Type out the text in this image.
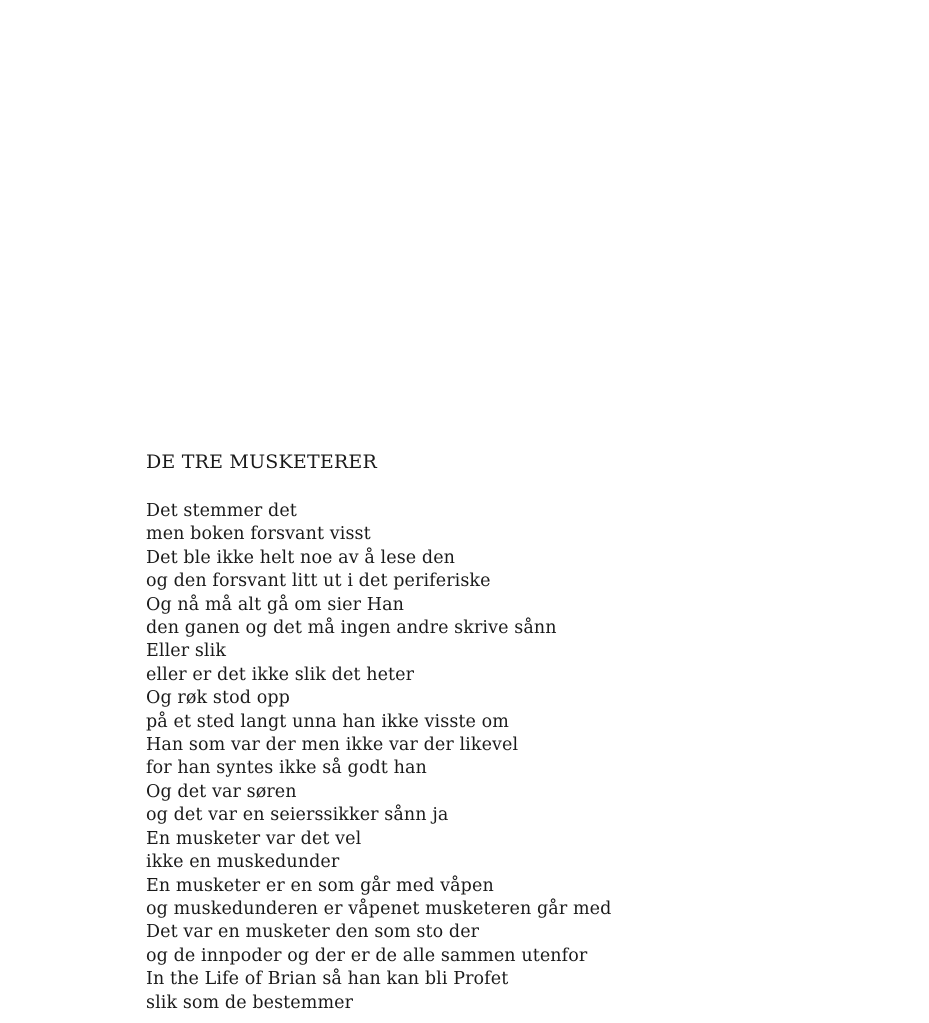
DE TRE MUSKETERER
Det stemmer det
men boken forsvant visst
Det ble ikke helt noe av å lese den
og den forsvant litt ut i det periferiske
Og nå må alt gå om sier Han
den ganen og det må ingen andre skrive sånn
Eller slik
eller er det ikke slik det heter
Og røk stod opp
på et sted langt unna han ikke visste om
Han som var der men ikke var der likevel
for han syntes ikke så godt han
Og det var søren
og det var en seierssikker sånn ja
En musketer var det vel
ikke en muskedunder
En musketer er en som går med våpen
og muskedunderen er våpenet musketeren går med
Det var en musketer den som sto der
og de innpoder og der er de alle sammen utenfor
In the Life of Brian så han kan bli Profet
slik som de bestemmer
